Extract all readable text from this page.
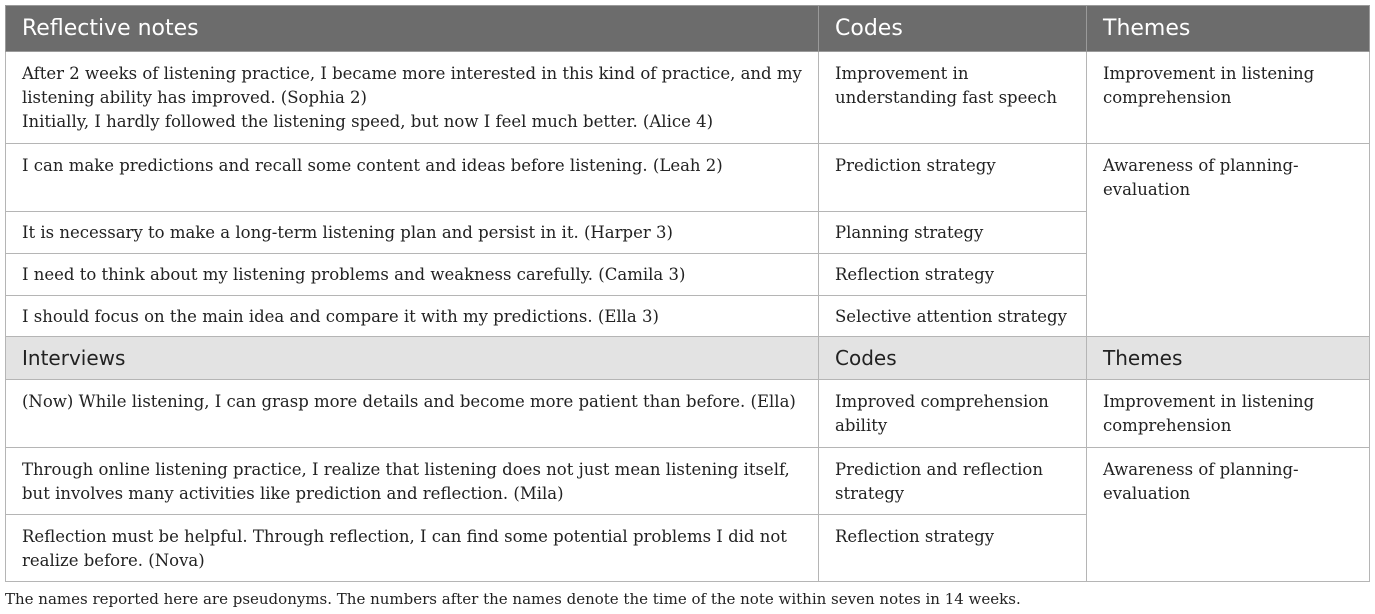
Reflective notes	Codes	Themes

After 2 weeks of listening practice, I became more interested in this kind of practice, and my listening ability has improved. (Sophia 2)
Initially, I hardly followed the listening speed, but now I feel much better. (Alice 4)	Improvement in understanding fast speech	Improvement in listening comprehension
I can make predictions and recall some content and ideas before listening. (Leah 2)	Prediction strategy	Awareness of planning-evaluation
It is necessary to make a long-term listening plan and persist in it. (Harper 3)	Planning strategy	
I need to think about my listening problems and weakness carefully. (Camila 3)	Reflection strategy	
I should focus on the main idea and compare it with my predictions. (Ella 3)	Selective attention strategy	
Interviews	Codes	Themes
(Now) While listening, I can grasp more details and become more patient than before. (Ella)	Improved comprehension ability	Improvement in listening comprehension
Through online listening practice, I realize that listening does not just mean listening itself, but involves many activities like prediction and reflection. (Mila)	Prediction and reflection strategy	Awareness of planning-evaluation
Reflection must be helpful. Through reflection, I can find some potential problems I did not realize before. (Nova)	Reflection strategy	
The names reported here are pseudonyms. The numbers after the names denote the time of the note within seven notes in 14 weeks.
